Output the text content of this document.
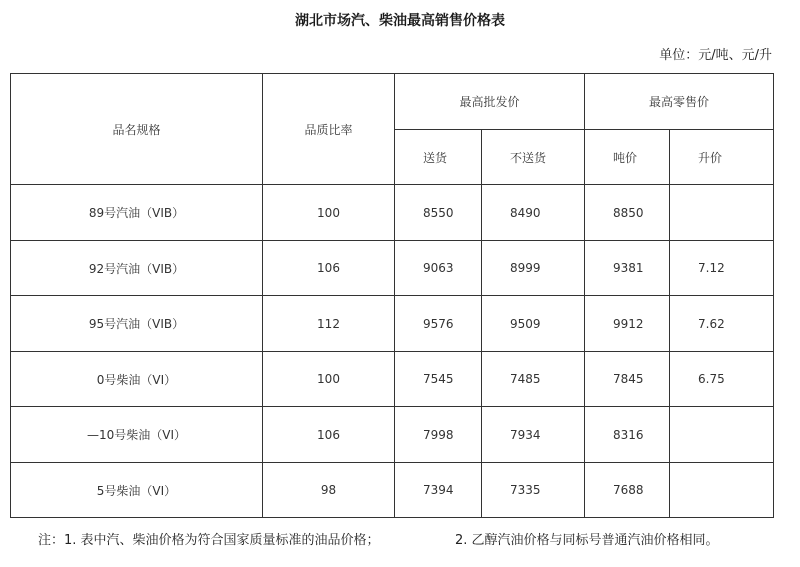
湖北市场汽、柴油最高销售价格表
单位：元/吨、元/升
品名规格	品质比率	最高批发价		最高零售价	
		送货	不送货	吨价	升价
89号汽油（VIB）	100	8550	8490	8850	
92号汽油（VIB）	106	9063	8999	9381	7.12
95号汽油（VIB）	112	9576	9509	9912	7.62
0号柴油（VI）	100	7545	7485	7845	6.75
—10号柴油（VI）	106	7998	7934	8316	
5号柴油（VI）	98	7394	7335	7688	
注：1. 表中汽、柴油价格为符合国家质量标准的油品价格；	2. 乙醇汽油价格与同标号普通汽油价格相同。
